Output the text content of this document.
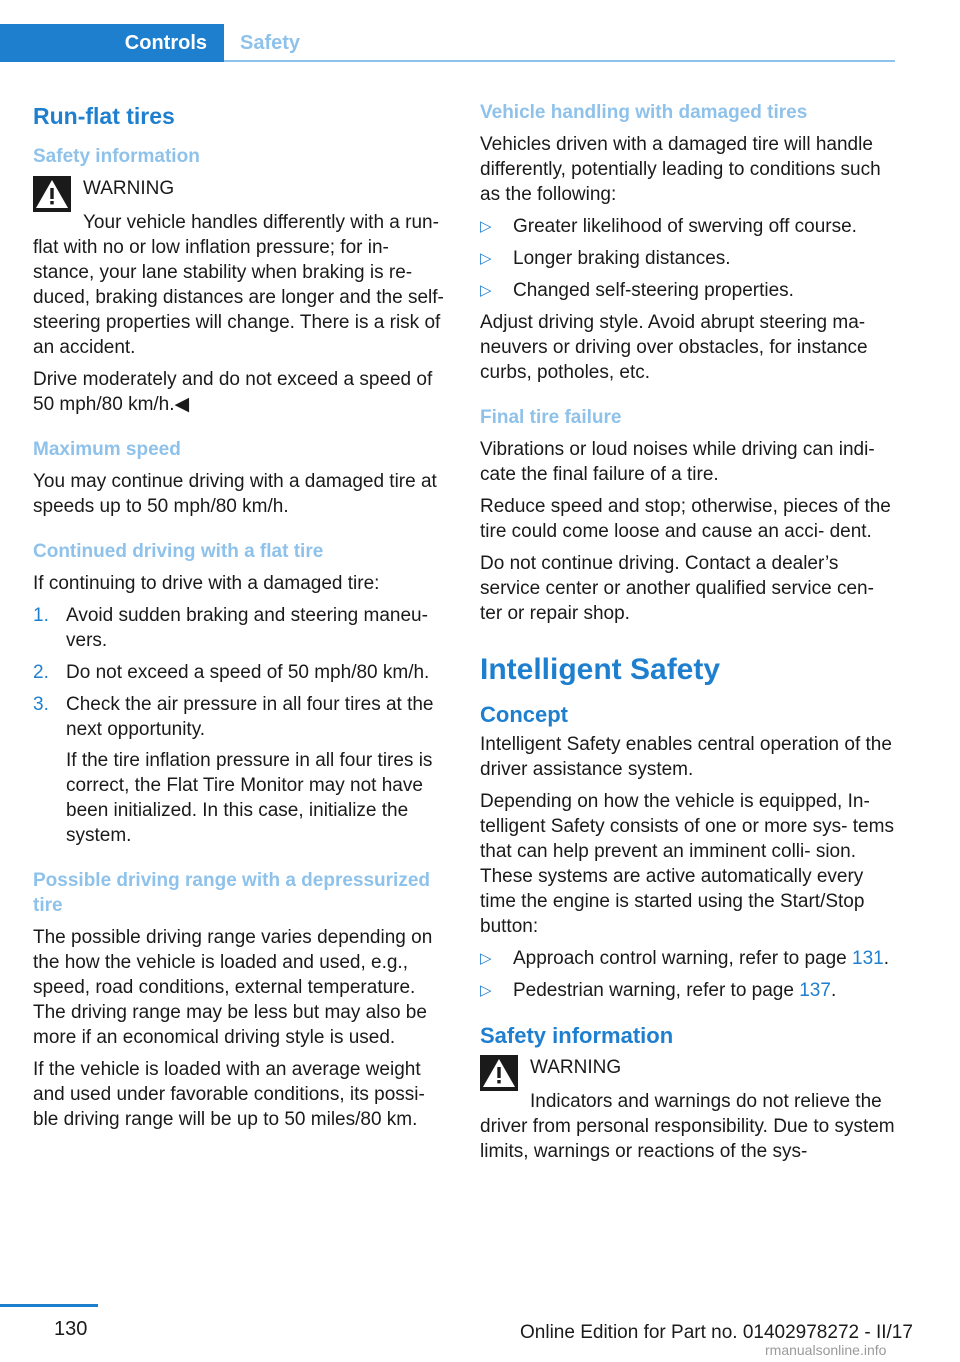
Controls	Safety
Run-flat tires
Safety information
WARNING

Your vehicle handles differently with a run-flat with no or low inflation pressure; for in- stance, your lane stability when braking is re- duced, braking distances are longer and the self-steering properties will change. There is a risk of an accident.

Drive moderately and do not exceed a speed of 50 mph/80 km/h.◀

Maximum speed

You may continue driving with a damaged tire at speeds up to 50 mph/80 km/h.

Continued driving with a flat tire

If continuing to drive with a damaged tire:

1. Avoid sudden braking and steering maneu- vers.
2. Do not exceed a speed of 50 mph/80 km/h.
3. Check the air pressure in all four tires at the next opportunity.

If the tire inflation pressure in all four tires is correct, the Flat Tire Monitor may not have been initialized. In this case, initialize the system.

Possible driving range with a depressurized tire

The possible driving range varies depending on the how the vehicle is loaded and used, e.g., speed, road conditions, external temperature. The driving range may be less but may also be more if an economical driving style is used.

If the vehicle is loaded with an average weight and used under favorable conditions, its possi- ble driving range will be up to 50 miles/80 km.

Vehicle handling with damaged tires

Vehicles driven with a damaged tire will handle differently, potentially leading to conditions such as the following:

▷ Greater likelihood of swerving off course.
▷ Longer braking distances.
▷ Changed self-steering properties.

Adjust driving style. Avoid abrupt steering ma- neuvers or driving over obstacles, for instance curbs, potholes, etc.

Final tire failure

Vibrations or loud noises while driving can indi- cate the final failure of a tire.

Reduce speed and stop; otherwise, pieces of the tire could come loose and cause an acci- dent.

Do not continue driving. Contact a dealer’s service center or another qualified service cen- ter or repair shop.

Intelligent Safety
Concept

Intelligent Safety enables central operation of the driver assistance system.

Depending on how the vehicle is equipped, In- telligent Safety consists of one or more sys- tems that can help prevent an imminent colli- sion. These systems are active automatically every time the engine is started using the Start/Stop button:

▷ Approach control warning, refer to page 131.
▷ Pedestrian warning, refer to page 137.
Safety information
WARNING

Indicators and warnings do not relieve the driver from personal responsibility. Due to system limits, warnings or reactions of the sys-

130	Online Edition for Part no. 01402978272 - II/17
rmanualsonline.info
